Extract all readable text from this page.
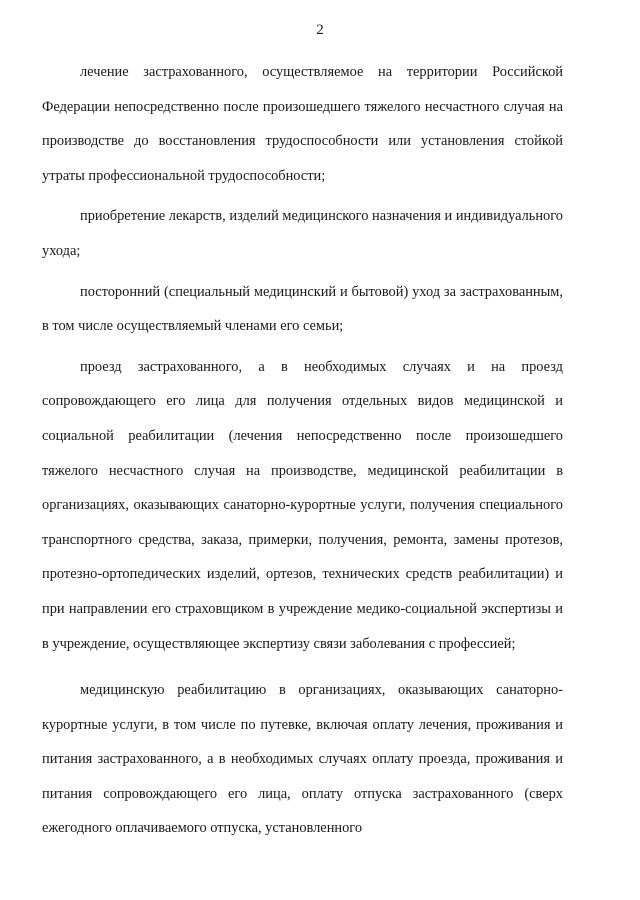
2

лечение застрахованного, осуществляемое на территории Российской Федерации непосредственно после произошедшего тяжелого несчастного случая на производстве до восстановления трудоспособности или установления стойкой утраты профессиональной трудоспособности;

приобретение лекарств, изделий медицинского назначения и индивидуального ухода;

посторонний (специальный медицинский и бытовой) уход за застрахованным, в том числе осуществляемый членами его семьи;

проезд застрахованного, а в необходимых случаях и на проезд сопровождающего его лица для получения отдельных видов медицинской и социальной реабилитации (лечения непосредственно после произошедшего тяжелого несчастного случая на производстве, медицинской реабилитации в организациях, оказывающих санаторно-курортные услуги, получения специального транспортного средства, заказа, примерки, получения, ремонта, замены протезов, протезно-ортопедических изделий, ортезов, технических средств реабилитации) и при направлении его страховщиком в учреждение медико-социальной экспертизы и в учреждение, осуществляющее экспертизу связи заболевания с профессией;

медицинскую реабилитацию в организациях, оказывающих санаторно-курортные услуги, в том числе по путевке, включая оплату лечения, проживания и питания застрахованного, а в необходимых случаях оплату проезда, проживания и питания сопровождающего его лица, оплату отпуска застрахованного (сверх ежегодного оплачиваемого отпуска, установленного
